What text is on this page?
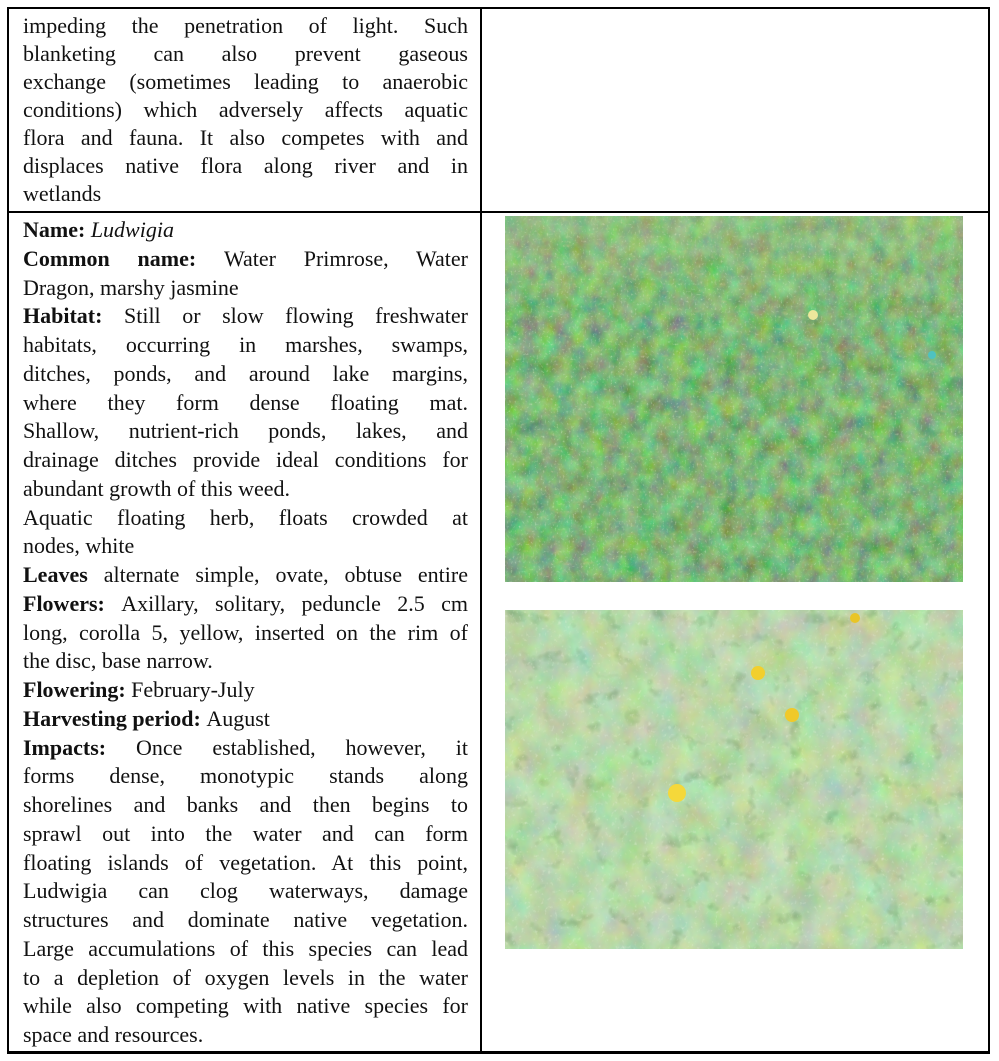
impeding the penetration of light. Such
blanketing can also prevent gaseous
exchange (sometimes leading to anaerobic
conditions) which adversely affects aquatic
flora and fauna. It also competes with and
displaces native flora along river and in
wetlands
Name: Ludwigia
Common name: Water Primrose, Water
Dragon, marshy jasmine
Habitat: Still or slow flowing freshwater
habitats, occurring in marshes, swamps,
ditches, ponds, and around lake margins,
where they form dense floating mat.
Shallow, nutrient-rich ponds, lakes, and
drainage ditches provide ideal conditions for
abundant growth of this weed.
Aquatic floating herb, floats crowded at
nodes, white
Leaves alternate simple, ovate, obtuse entire
Flowers: Axillary, solitary, peduncle 2.5 cm
long, corolla 5, yellow, inserted on the rim of
the disc, base narrow.
Flowering: February-July
Harvesting period: August
Impacts: Once established, however, it
forms dense, monotypic stands along
shorelines and banks and then begins to
sprawl out into the water and can form
floating islands of vegetation. At this point,
Ludwigia can clog waterways, damage
structures and dominate native vegetation.
Large accumulations of this species can lead
to a depletion of oxygen levels in the water
while also competing with native species for
space and resources.
